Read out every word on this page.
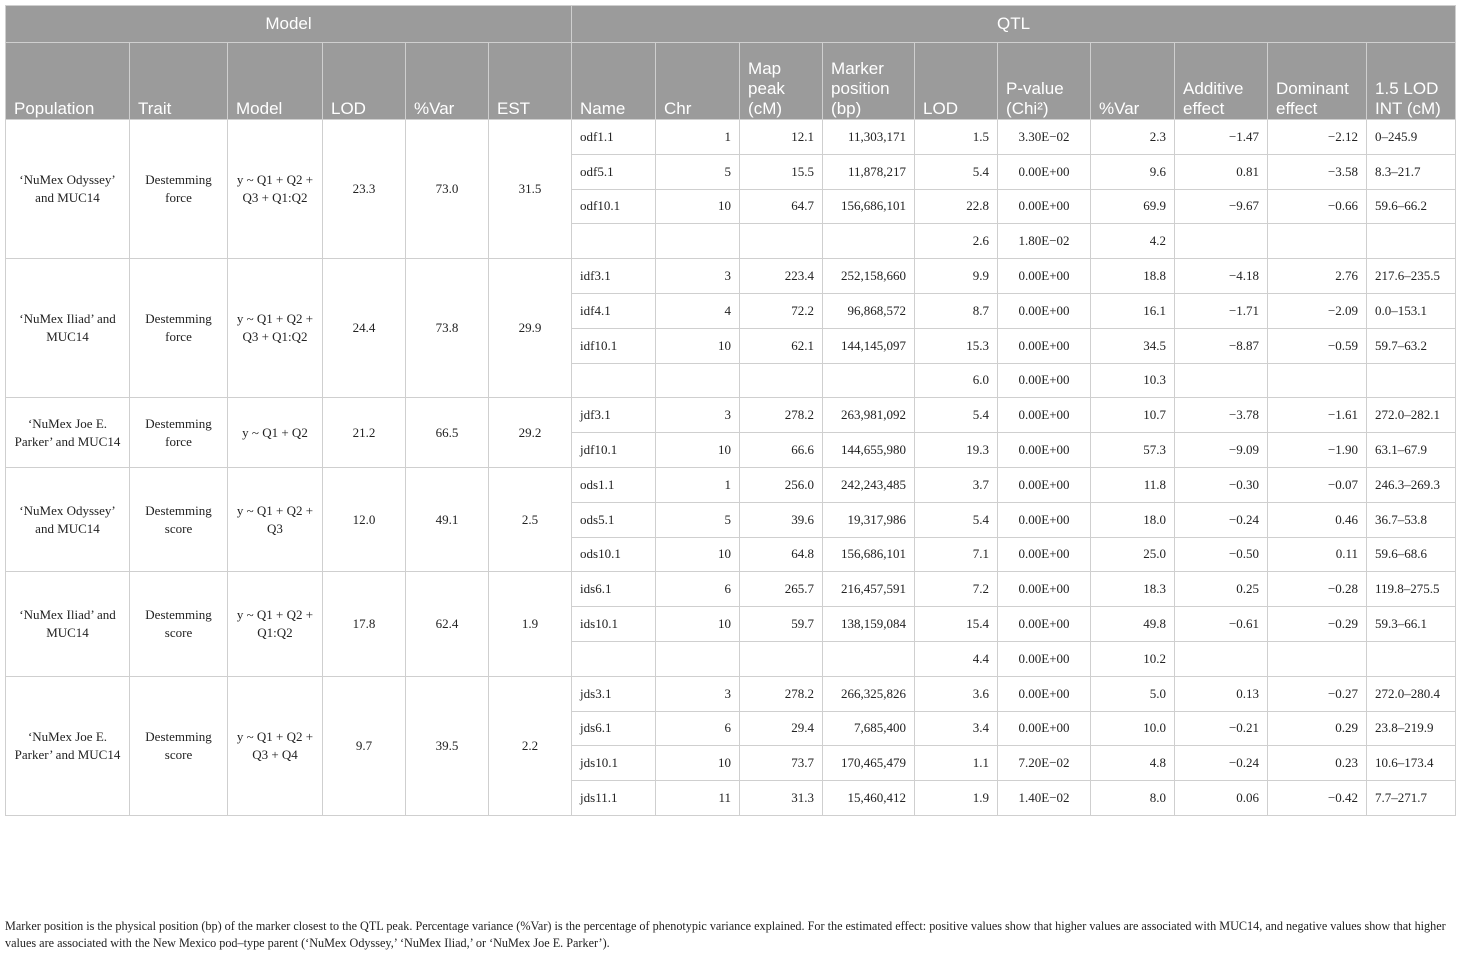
Model						QTL									
Population	Trait	Model	LOD	%Var	EST	Name	Chr	Map peak (cM)	Marker position (bp)	LOD	P-value (Chi²)	%Var	Additive effect	Dominant effect	1.5 LOD INT (cM)
‘NuMex Odyssey’ and MUC14	Destemming force	y ~ Q1 + Q2 + Q3 + Q1:Q2	23.3	73.0	31.5	odf1.1	1	12.1	11,303,171	1.5	3.30E−02	2.3	−1.47	−2.12	0–245.9
						odf5.1	5	15.5	11,878,217	5.4	0.00E+00	9.6	0.81	−3.58	8.3–21.7
						odf10.1	10	64.7	156,686,101	22.8	0.00E+00	69.9	−9.67	−0.66	59.6–66.2
										2.6	1.80E−02	4.2			
‘NuMex Iliad’ and MUC14	Destemming force	y ~ Q1 + Q2 + Q3 + Q1:Q2	24.4	73.8	29.9	idf3.1	3	223.4	252,158,660	9.9	0.00E+00	18.8	−4.18	2.76	217.6–235.5
						idf4.1	4	72.2	96,868,572	8.7	0.00E+00	16.1	−1.71	−2.09	0.0–153.1
						idf10.1	10	62.1	144,145,097	15.3	0.00E+00	34.5	−8.87	−0.59	59.7–63.2
										6.0	0.00E+00	10.3			
‘NuMex Joe E. Parker’ and MUC14	Destemming force	y ~ Q1 + Q2	21.2	66.5	29.2	jdf3.1	3	278.2	263,981,092	5.4	0.00E+00	10.7	−3.78	−1.61	272.0–282.1
						jdf10.1	10	66.6	144,655,980	19.3	0.00E+00	57.3	−9.09	−1.90	63.1–67.9
‘NuMex Odyssey’ and MUC14	Destemming score	y ~ Q1 + Q2 + Q3	12.0	49.1	2.5	ods1.1	1	256.0	242,243,485	3.7	0.00E+00	11.8	−0.30	−0.07	246.3–269.3
						ods5.1	5	39.6	19,317,986	5.4	0.00E+00	18.0	−0.24	0.46	36.7–53.8
						ods10.1	10	64.8	156,686,101	7.1	0.00E+00	25.0	−0.50	0.11	59.6–68.6
‘NuMex Iliad’ and MUC14	Destemming score	y ~ Q1 + Q2 + Q1:Q2	17.8	62.4	1.9	ids6.1	6	265.7	216,457,591	7.2	0.00E+00	18.3	0.25	−0.28	119.8–275.5
						ids10.1	10	59.7	138,159,084	15.4	0.00E+00	49.8	−0.61	−0.29	59.3–66.1
										4.4	0.00E+00	10.2			
‘NuMex Joe E. Parker’ and MUC14	Destemming score	y ~ Q1 + Q2 + Q3 + Q4	9.7	39.5	2.2	jds3.1	3	278.2	266,325,826	3.6	0.00E+00	5.0	0.13	−0.27	272.0–280.4
						jds6.1	6	29.4	7,685,400	3.4	0.00E+00	10.0	−0.21	0.29	23.8–219.9
						jds10.1	10	73.7	170,465,479	1.1	7.20E−02	4.8	−0.24	0.23	10.6–173.4
						jds11.1	11	31.3	15,460,412	1.9	1.40E−02	8.0	0.06	−0.42	7.7–271.7
Marker position is the physical position (bp) of the marker closest to the QTL peak. Percentage variance (%Var) is the percentage of phenotypic variance explained. For the estimated effect: positive values show that higher values are associated with MUC14, and negative values show that higher values are associated with the New Mexico pod–type parent (‘NuMex Odyssey,’ ‘NuMex Iliad,’ or ‘NuMex Joe E. Parker’).
